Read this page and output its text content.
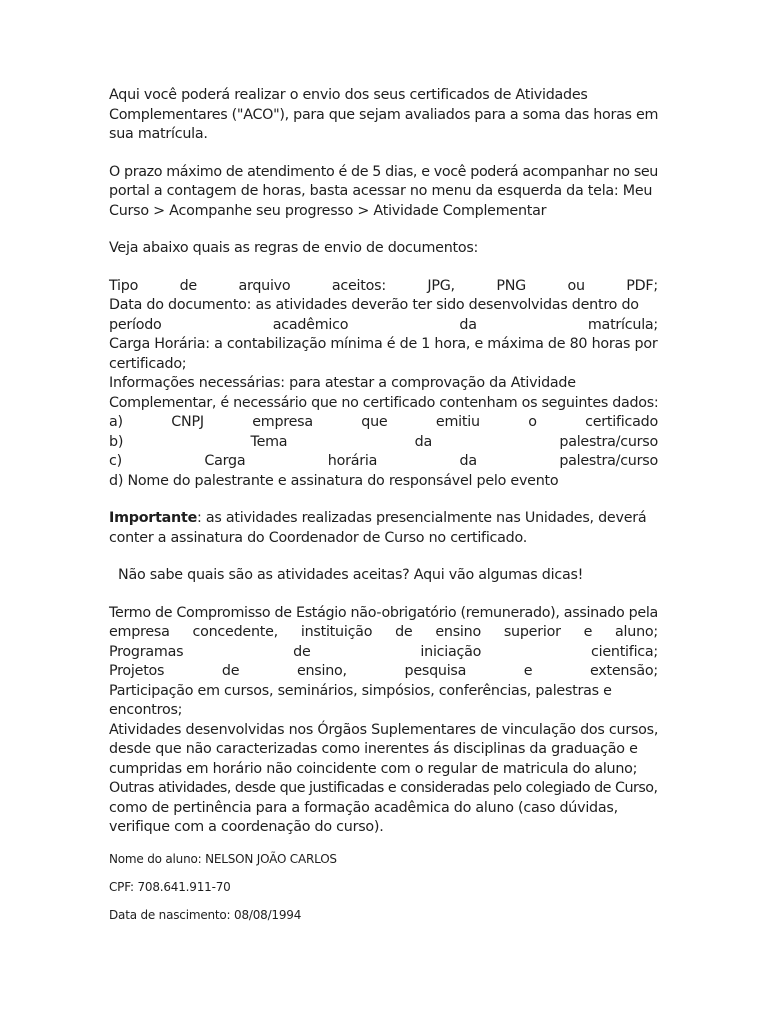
Aqui você poderá realizar o envio dos seus certificados de Atividades
Complementares ("ACO"), para que sejam avaliados para a soma das horas em
sua matrícula.
O prazo máximo de atendimento é de 5 dias, e você poderá acompanhar no seu
portal a contagem de horas, basta acessar no menu da esquerda da tela: Meu
Curso > Acompanhe seu progresso > Atividade Complementar
Veja abaixo quais as regras de envio de documentos:
Tipo	de	arquivo	aceitos:	JPG,	PNG	ou	PDF;
Data do documento: as atividades deverão ter sido desenvolvidas dentro do
período	acadêmico	da	matrícula;
Carga Horária: a contabilização mínima é de 1 hora, e máxima de 80 horas por
certificado;
Informações necessárias: para atestar a comprovação da Atividade
Complementar, é necessário que no certificado contenham os seguintes dados:
a)	CNPJ	empresa	que	emitiu	o	certificado
b)	Tema	da	palestra/curso
c)	Carga	horária	da	palestra/curso
d) Nome do palestrante e assinatura do responsável pelo evento
Importante: as atividades realizadas presencialmente nas Unidades, deverá
conter a assinatura do Coordenador de Curso no certificado.
Não sabe quais são as atividades aceitas? Aqui vão algumas dicas!
Termo de Compromisso de Estágio não-obrigatório (remunerado), assinado pela
empresa concedente, instituição de ensino superior e aluno;
Programas	de	iniciação	cientifica;
Projetos	de	ensino,	pesquisa	e	extensão;
Participação em cursos, seminários, simpósios, conferências, palestras e
encontros;
Atividades desenvolvidas nos Órgãos Suplementares de vinculação dos cursos,
desde que não caracterizadas como inerentes ás disciplinas da graduação e
cumpridas em horário não coincidente com o regular de matricula do aluno;
Outras atividades, desde que justificadas e consideradas pelo colegiado de Curso,
como de pertinência para a formação acadêmica do aluno (caso dúvidas,
verifique com a coordenação do curso).

Nome do aluno: NELSON JOÃO CARLOS

CPF: 708.641.911-70

Data de nascimento: 08/08/1994
